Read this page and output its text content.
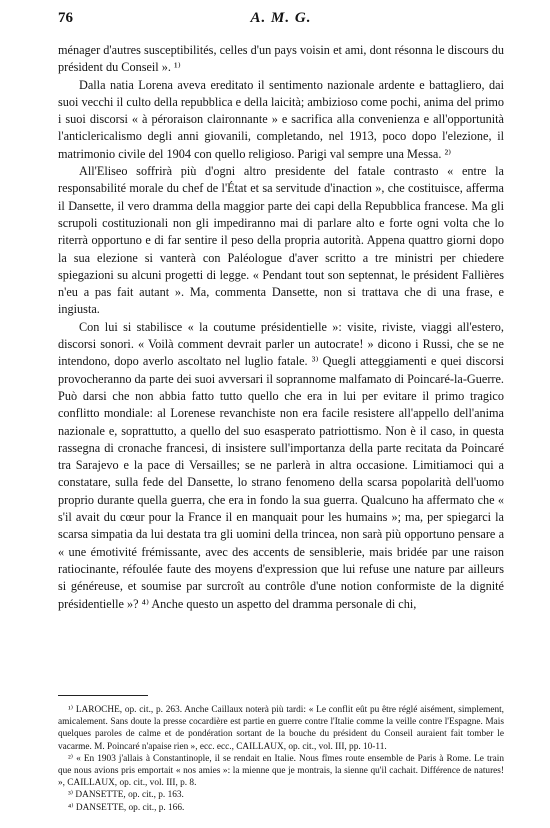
76	A. M. G.

ménager d'autres susceptibilités, celles d'un pays voisin et ami, dont résonna le discours du président du Conseil ». ¹⁾

Dalla natia Lorena aveva ereditato il sentimento nazionale ardente e battagliero, dai suoi vecchi il culto della repubblica e della laicità; ambizioso come pochi, anima del primo i suoi discorsi « à péroraison claironnante » e sacrifica alla convenienza e all'opportunità l'anticlericalismo degli anni giovanili, completando, nel 1913, poco dopo l'elezione, il matrimonio civile del 1904 con quello religioso. Parigi val sempre una Messa. ²⁾

All'Eliseo soffrirà più d'ogni altro presidente del fatale contrasto « entre la responsabilité morale du chef de l'État et sa servitude d'inaction », che costituisce, afferma il Dansette, il vero dramma della maggior parte dei capi della Repubblica francese. Ma gli scrupoli costituzionali non gli impediranno mai di parlare alto e forte ogni volta che lo riterrà opportuno e di far sentire il peso della propria autorità. Appena quattro giorni dopo la sua elezione si vanterà con Paléologue d'aver scritto a tre ministri per chiedere spiegazioni su alcuni progetti di legge. « Pendant tout son septennat, le président Fallières n'eu a pas fait autant ». Ma, commenta Dansette, non si trattava che di una frase, e ingiusta.

Con lui si stabilisce « la coutume présidentielle »: visite, riviste, viaggi all'estero, discorsi sonori. « Voilà comment devrait parler un autocrate! » dicono i Russi, che se ne intendono, dopo averlo ascoltato nel luglio fatale. ³⁾ Quegli atteggiamenti e quei discorsi provocheranno da parte dei suoi avversari il soprannome malfamato di Poincaré-la-Guerre. Può darsi che non abbia fatto tutto quello che era in lui per evitare il primo tragico conflitto mondiale: al Lorenese revanchiste non era facile resistere all'appello dell'anima nazionale e, soprattutto, a quello del suo esasperato patriottismo. Non è il caso, in questa rassegna di cronache francesi, di insistere sull'importanza della parte recitata da Poincaré tra Sarajevo e la pace di Versailles; se ne parlerà in altra occasione. Limitiamoci qui a constatare, sulla fede del Dansette, lo strano fenomeno della scarsa popolarità dell'uomo proprio durante quella guerra, che era in fondo la sua guerra. Qualcuno ha affermato che « s'il avait du cœur pour la France il en manquait pour les humains »; ma, per spiegarci la scarsa simpatia da lui destata tra gli uomini della trincea, non sarà più opportuno pensare a « une émotivité frémissante, avec des accents de sensiblerie, mais bridée par une raison ratiocinante, réfoulée faute des moyens d'expression que lui refuse une nature par ailleurs si généreuse, et soumise par surcroît au contrôle d'une notion conformiste de la dignité présidentielle »? ⁴⁾ Anche questo un aspetto del dramma personale di chi,

¹⁾ LAROCHE, op. cit., p. 263. Anche Caillaux noterà più tardi: « Le conflit eût pu être réglé aisément, simplement, amicalement. Sans doute la presse cocardière est partie en guerre contre l'Italie comme la veille contre l'Espagne. Mais quelques paroles de calme et de pondération sortant de la bouche du président du Conseil auraient fait tomber le vacarme. M. Poincaré n'apaise rien », ecc. ecc., CAILLAUX, op. cit., vol. III, pp. 10-11.

²⁾ « En 1903 j'allais à Constantinople, il se rendait en Italie. Nous fîmes route ensemble de Paris à Rome. Le train que nous avions pris emportait « nos amies »: la mienne que je montrais, la sienne qu'il cachait. Différence de natures! », CAILLAUX, op. cit., vol. III, p. 8.

³⁾ DANSETTE, op. cit., p. 163.

⁴⁾ DANSETTE, op. cit., p. 166.
